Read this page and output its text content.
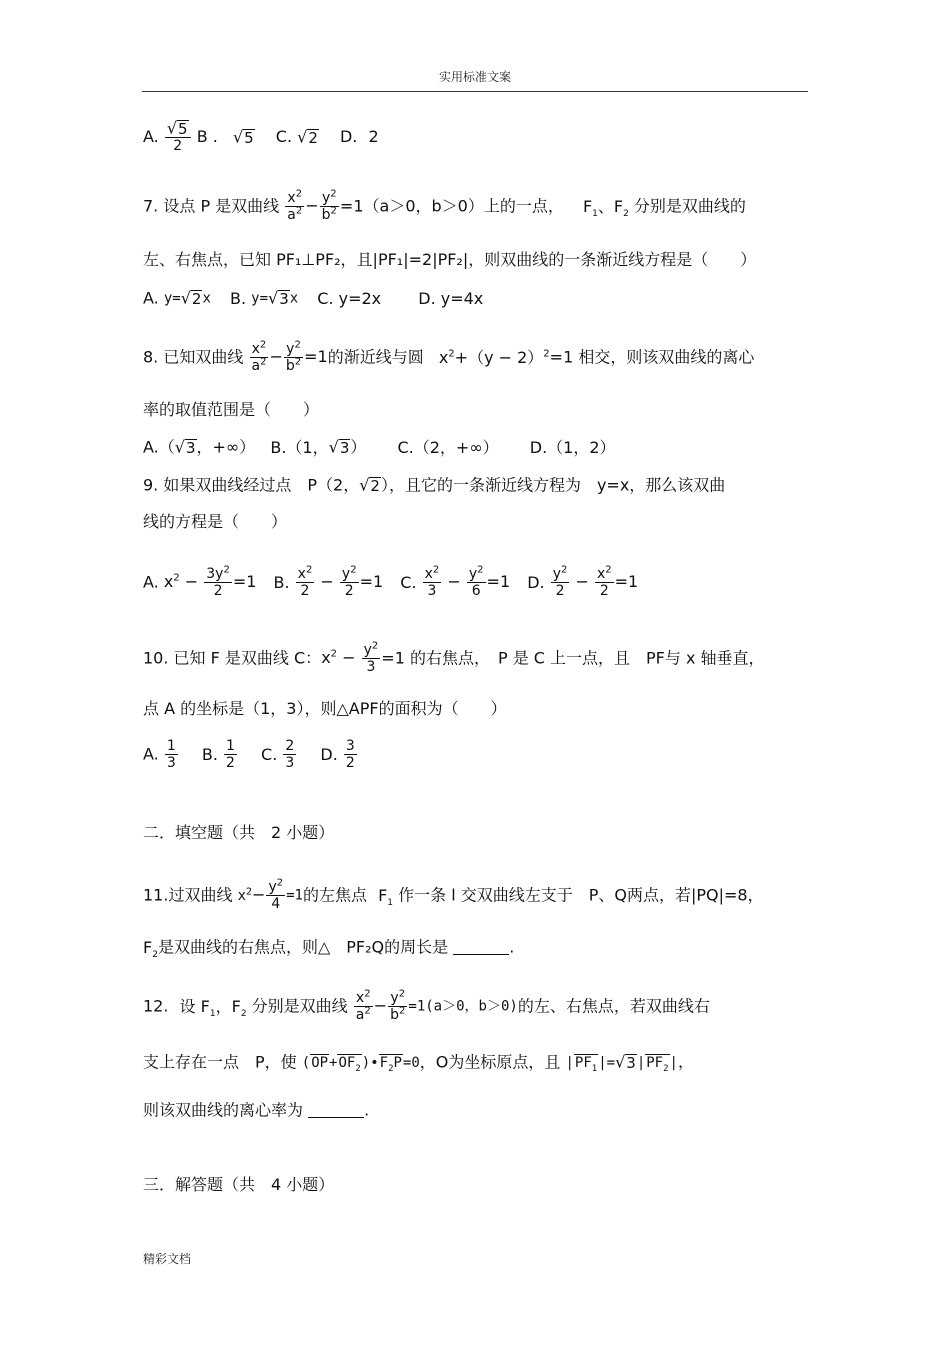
实用标准文案
A. $\frac{√5}{2}$ B . √5 C. √2 D. 2
7. 设点 P 是双曲线 $\frac{x^2}{a^2} - \frac{y^2}{b^2} =1(a>0$，b＞0）上的一点， $F_1$、$F_2$ 分别是双曲线的
左、右焦点，已知 PF₁⊥PF₂，且|PF₁|=2|PF₂|，则双曲线的一条渐近线方程是（　　）
A. y=√2x B. y=√3x C. y=2x D. y=4x
8. 已知双曲线 $\frac{x^2}{a^2} - \frac{y^2}{b^2} =1$的渐近线与圆 $x^2+(y - 2)^2=1$ 相交，则该双曲线的离心
率的取值范围是（　　）
A.（√3，+∞） B.（1，√3） C.（2，+∞） D.（1，2）
9. 如果双曲线经过点　P（2，√2），且它的一条渐近线方程为　y=x，那么该双曲
线的方程是（　　）
A. $x^2 - \frac{3y^2}{2} =1$ B. $\frac{x^2}{2} - \frac{y^2}{2} =1$ C. $\frac{x^2}{3} - \frac{y^2}{6} =1$ D. $\frac{y^2}{2} - \frac{x^2}{2} =1$
10. 已知 F 是双曲线 C：$x^2 - \frac{y^2}{3} =1$ 的右焦点，　P 是 C 上一点，且　PF与 x 轴垂直，
点 A 的坐标是（1，3），则△APF的面积为（　　）
A. $\frac{1}{3} B$. $\frac{1}{2} C$. $\frac{2}{3} D$. $\frac{3}{2}$
二．填空题（共　2 小题）
11.过双曲线 $x^2- \frac{y^2}{4} =1$的左焦点 $F_1$ 作一条 l 交双曲线左支于　P、Q两点，若|PQ|=8，
$F_2$是双曲线的右焦点，则△　PF₂Q的周长是	.
12. 设 $F_1$，$F_2$ 分别是双曲线 $\frac{x^2}{a^2} - \frac{y^2}{b^2} =1(a>0$，b＞0)的左、右焦点，若双曲线右
支上存在一点　P，使 $(OP+OF_2)•F_2P=0$，O为坐标原点，且 $|PF_1|=√3|PF_2|$，
则该双曲线的离心率为	.
三．解答题（共　4 小题）
精彩文档
